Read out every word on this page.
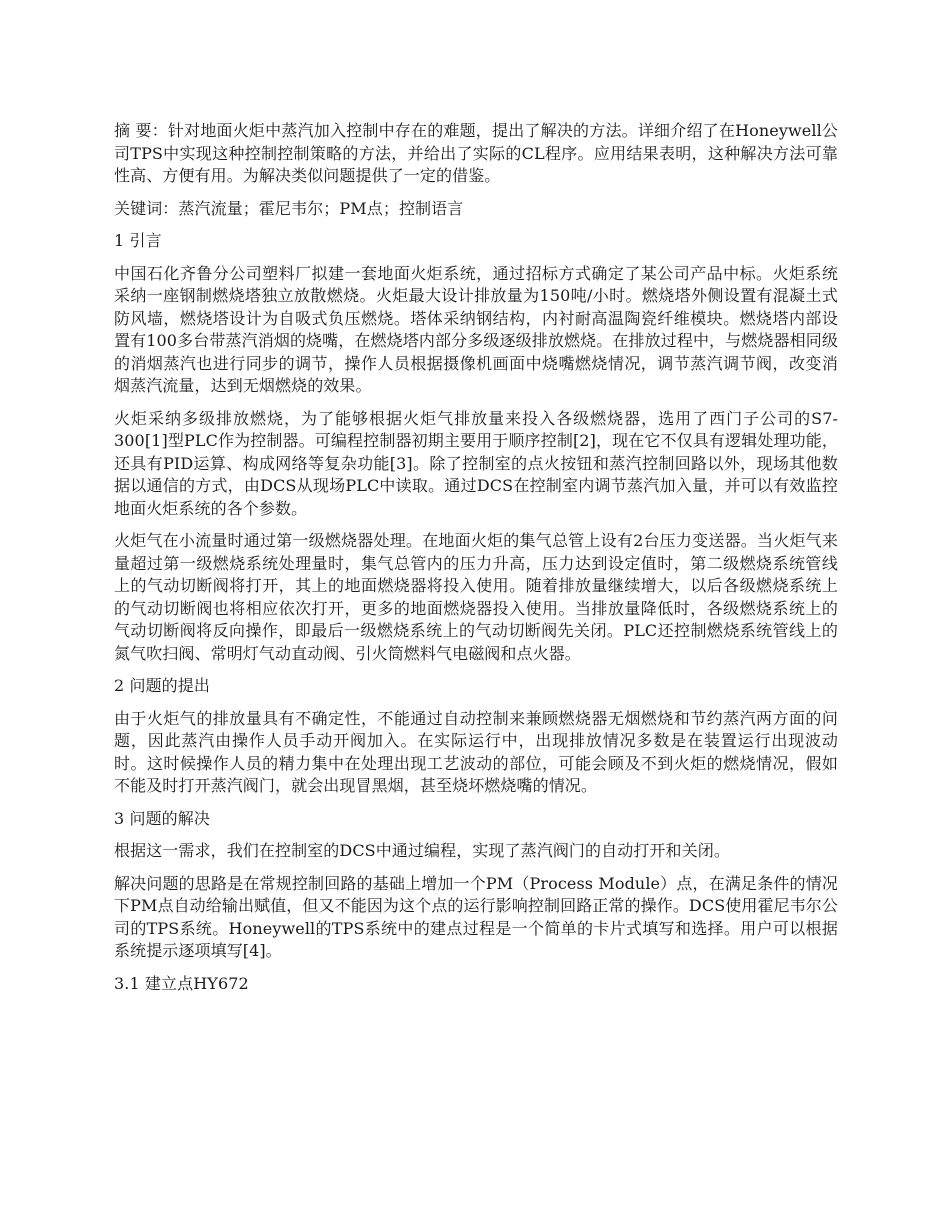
摘 要：针对地面火炬中蒸汽加入控制中存在的难题，提出了解决的方法。详细介绍了在Honeywell公司TPS中实现这种控制控制策略的方法，并给出了实际的CL程序。应用结果表明，这种解决方法可靠性高、方便有用。为解决类似问题提供了一定的借鉴。

关键词：蒸汽流量；霍尼韦尔；PM点；控制语言

1 引言

中国石化齐鲁分公司塑料厂拟建一套地面火炬系统，通过招标方式确定了某公司产品中标。火炬系统采纳一座钢制燃烧塔独立放散燃烧。火炬最大设计排放量为150吨/小时。燃烧塔外侧设置有混凝土式防风墙，燃烧塔设计为自吸式负压燃烧。塔体采纳钢结构，内衬耐高温陶瓷纤维模块。燃烧塔内部设置有100多台带蒸汽消烟的烧嘴，在燃烧塔内部分多级逐级排放燃烧。在排放过程中，与燃烧器相同级的消烟蒸汽也进行同步的调节，操作人员根据摄像机画面中烧嘴燃烧情况，调节蒸汽调节阀，改变消烟蒸汽流量，达到无烟燃烧的效果。

火炬采纳多级排放燃烧，为了能够根据火炬气排放量来投入各级燃烧器，选用了西门子公司的S7-300[1]型PLC作为控制器。可编程控制器初期主要用于顺序控制[2]，现在它不仅具有逻辑处理功能，还具有PID运算、构成网络等复杂功能[3]。除了控制室的点火按钮和蒸汽控制回路以外，现场其他数据以通信的方式，由DCS从现场PLC中读取。通过DCS在控制室内调节蒸汽加入量，并可以有效监控地面火炬系统的各个参数。

火炬气在小流量时通过第一级燃烧器处理。在地面火炬的集气总管上设有2台压力变送器。当火炬气来量超过第一级燃烧系统处理量时，集气总管内的压力升高，压力达到设定值时，第二级燃烧系统管线上的气动切断阀将打开，其上的地面燃烧器将投入使用。随着排放量继续增大，以后各级燃烧系统上的气动切断阀也将相应依次打开，更多的地面燃烧器投入使用。当排放量降低时，各级燃烧系统上的气动切断阀将反向操作，即最后一级燃烧系统上的气动切断阀先关闭。PLC还控制燃烧系统管线上的氮气吹扫阀、常明灯气动直动阀、引火筒燃料气电磁阀和点火器。

2 问题的提出

由于火炬气的排放量具有不确定性，不能通过自动控制来兼顾燃烧器无烟燃烧和节约蒸汽两方面的问题，因此蒸汽由操作人员手动开阀加入。在实际运行中，出现排放情况多数是在装置运行出现波动时。这时候操作人员的精力集中在处理出现工艺波动的部位，可能会顾及不到火炬的燃烧情况，假如不能及时打开蒸汽阀门，就会出现冒黑烟，甚至烧坏燃烧嘴的情况。

3 问题的解决

根据这一需求，我们在控制室的DCS中通过编程，实现了蒸汽阀门的自动打开和关闭。

解决问题的思路是在常规控制回路的基础上增加一个PM（Process Module）点，在满足条件的情况下PM点自动给输出赋值，但又不能因为这个点的运行影响控制回路正常的操作。DCS使用霍尼韦尔公司的TPS系统。Honeywell的TPS系统中的建点过程是一个简单的卡片式填写和选择。用户可以根据系统提示逐项填写[4]。

3.1 建立点HY672
